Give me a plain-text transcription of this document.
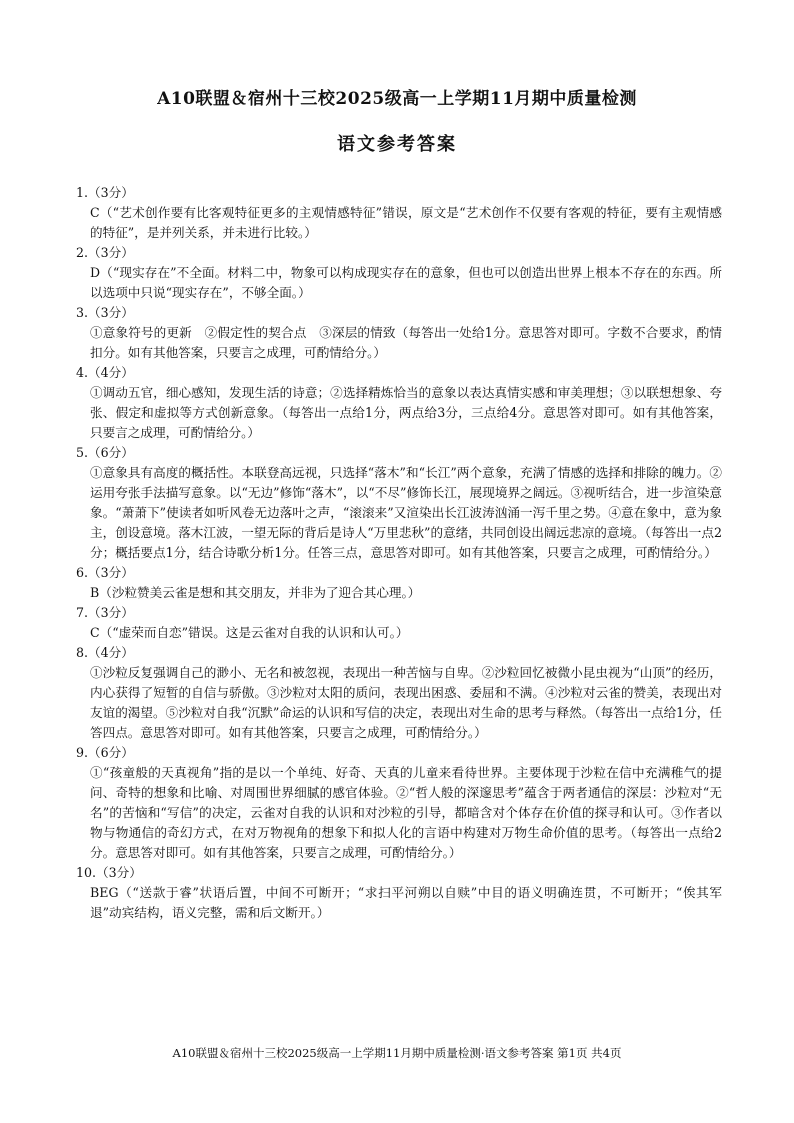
A10联盟＆宿州十三校2025级高一上学期11月期中质量检测
语文参考答案
1.（3分）
C（“艺术创作要有比客观特征更多的主观情感特征”错误，原文是“艺术创作不仅要有客观的特征，要有主观情感的特征”，是并列关系，并未进行比较。）
2.（3分）
D（“现实存在”不全面。材料二中，物象可以构成现实存在的意象，但也可以创造出世界上根本不存在的东西。所以选项中只说“现实存在”，不够全面。）
3.（3分）
①意象符号的更新　②假定性的契合点　③深层的情致（每答出一处给1分。意思答对即可。字数不合要求，酌情扣分。如有其他答案，只要言之成理，可酌情给分。）
4.（4分）
①调动五官，细心感知，发现生活的诗意；②选择精炼恰当的意象以表达真情实感和审美理想；③以联想想象、夸张、假定和虚拟等方式创新意象。（每答出一点给1分，两点给3分，三点给4分。意思答对即可。如有其他答案，只要言之成理，可酌情给分。）
5.（6分）
①意象具有高度的概括性。本联登高远视，只选择“落木”和“长江”两个意象，充满了情感的选择和排除的魄力。②运用夸张手法描写意象。以“无边”修饰“落木”，以“不尽”修饰长江，展现境界之阔远。③视听结合，进一步渲染意象。“萧萧下”使读者如听风卷无边落叶之声，“滚滚来”又渲染出长江波涛汹涌一泻千里之势。④意在象中，意为象主，创设意境。落木江波，一望无际的背后是诗人“万里悲秋”的意绪，共同创设出阔远悲凉的意境。（每答出一点2分；概括要点1分，结合诗歌分析1分。任答三点，意思答对即可。如有其他答案，只要言之成理，可酌情给分。）
6.（3分）
B（沙粒赞美云雀是想和其交朋友，并非为了迎合其心理。）
7.（3分）
C（“虚荣而自恋”错误。这是云雀对自我的认识和认可。）
8.（4分）
①沙粒反复强调自己的渺小、无名和被忽视，表现出一种苦恼与自卑。②沙粒回忆被微小昆虫视为“山顶”的经历，内心获得了短暂的自信与骄傲。③沙粒对太阳的质问，表现出困惑、委屈和不满。④沙粒对云雀的赞美，表现出对友谊的渴望。⑤沙粒对自我“沉默”命运的认识和写信的决定，表现出对生命的思考与释然。（每答出一点给1分，任答四点。意思答对即可。如有其他答案，只要言之成理，可酌情给分。）
9.（6分）
①“孩童般的天真视角”指的是以一个单纯、好奇、天真的儿童来看待世界。主要体现于沙粒在信中充满稚气的提问、奇特的想象和比喻、对周围世界细腻的感官体验。②“哲人般的深邃思考”蕴含于两者通信的深层：沙粒对“无名”的苦恼和“写信”的决定，云雀对自我的认识和对沙粒的引导，都暗含对个体存在价值的探寻和认可。③作者以物与物通信的奇幻方式，在对万物视角的想象下和拟人化的言语中构建对万物生命价值的思考。（每答出一点给2分。意思答对即可。如有其他答案，只要言之成理，可酌情给分。）
10.（3分）
BEG（“送款于睿”状语后置，中间不可断开；“求扫平河朔以自赎”中目的语义明确连贯，不可断开；“俟其军退”动宾结构，语义完整，需和后文断开。）
A10联盟＆宿州十三校2025级高一上学期11月期中质量检测·语文参考答案 第1页 共4页
